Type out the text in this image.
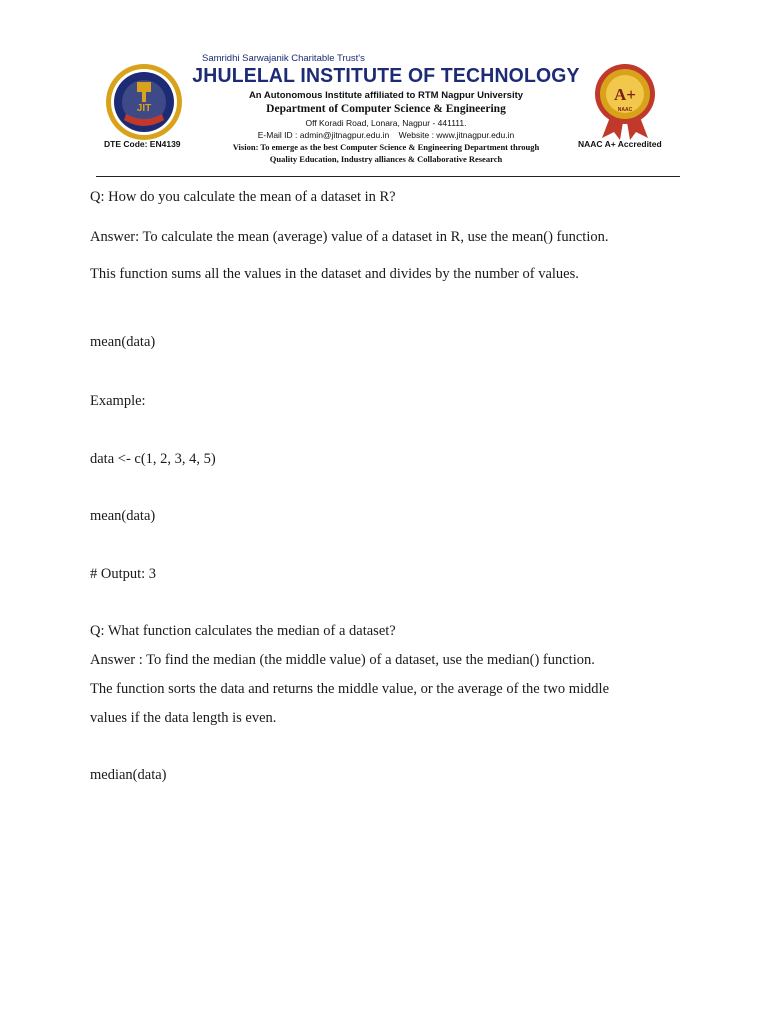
JIT
Samridhi Sarwajanik Charitable Trust's
JHULELAL INSTITUTE OF TECHNOLOGY
An Autonomous Institute affiliated to RTM Nagpur University
Department of Computer Science & Engineering
Off Koradi Road, Lonara, Nagpur - 441111.
E-Mail ID : admin@jitnagpur.edu.in Website : www.jitnagpur.edu.in
Vision: To emerge as the best Computer Science & Engineering Department through
Quality Education, Industry alliances & Collaborative Research
A+
NAAC
DTE Code: EN4139	NAAC A+ Accredited
Q: How do you calculate the mean of a dataset in R?
Answer: To calculate the mean (average) value of a dataset in R, use the mean() function.
This function sums all the values in the dataset and divides by the number of values.
mean(data)
Example:
data <- c(1, 2, 3, 4, 5)
mean(data)
# Output: 3
Q: What function calculates the median of a dataset?
Answer : To find the median (the middle value) of a dataset, use the median() function.
The function sorts the data and returns the middle value, or the average of the two middle
values if the data length is even.
median(data)
